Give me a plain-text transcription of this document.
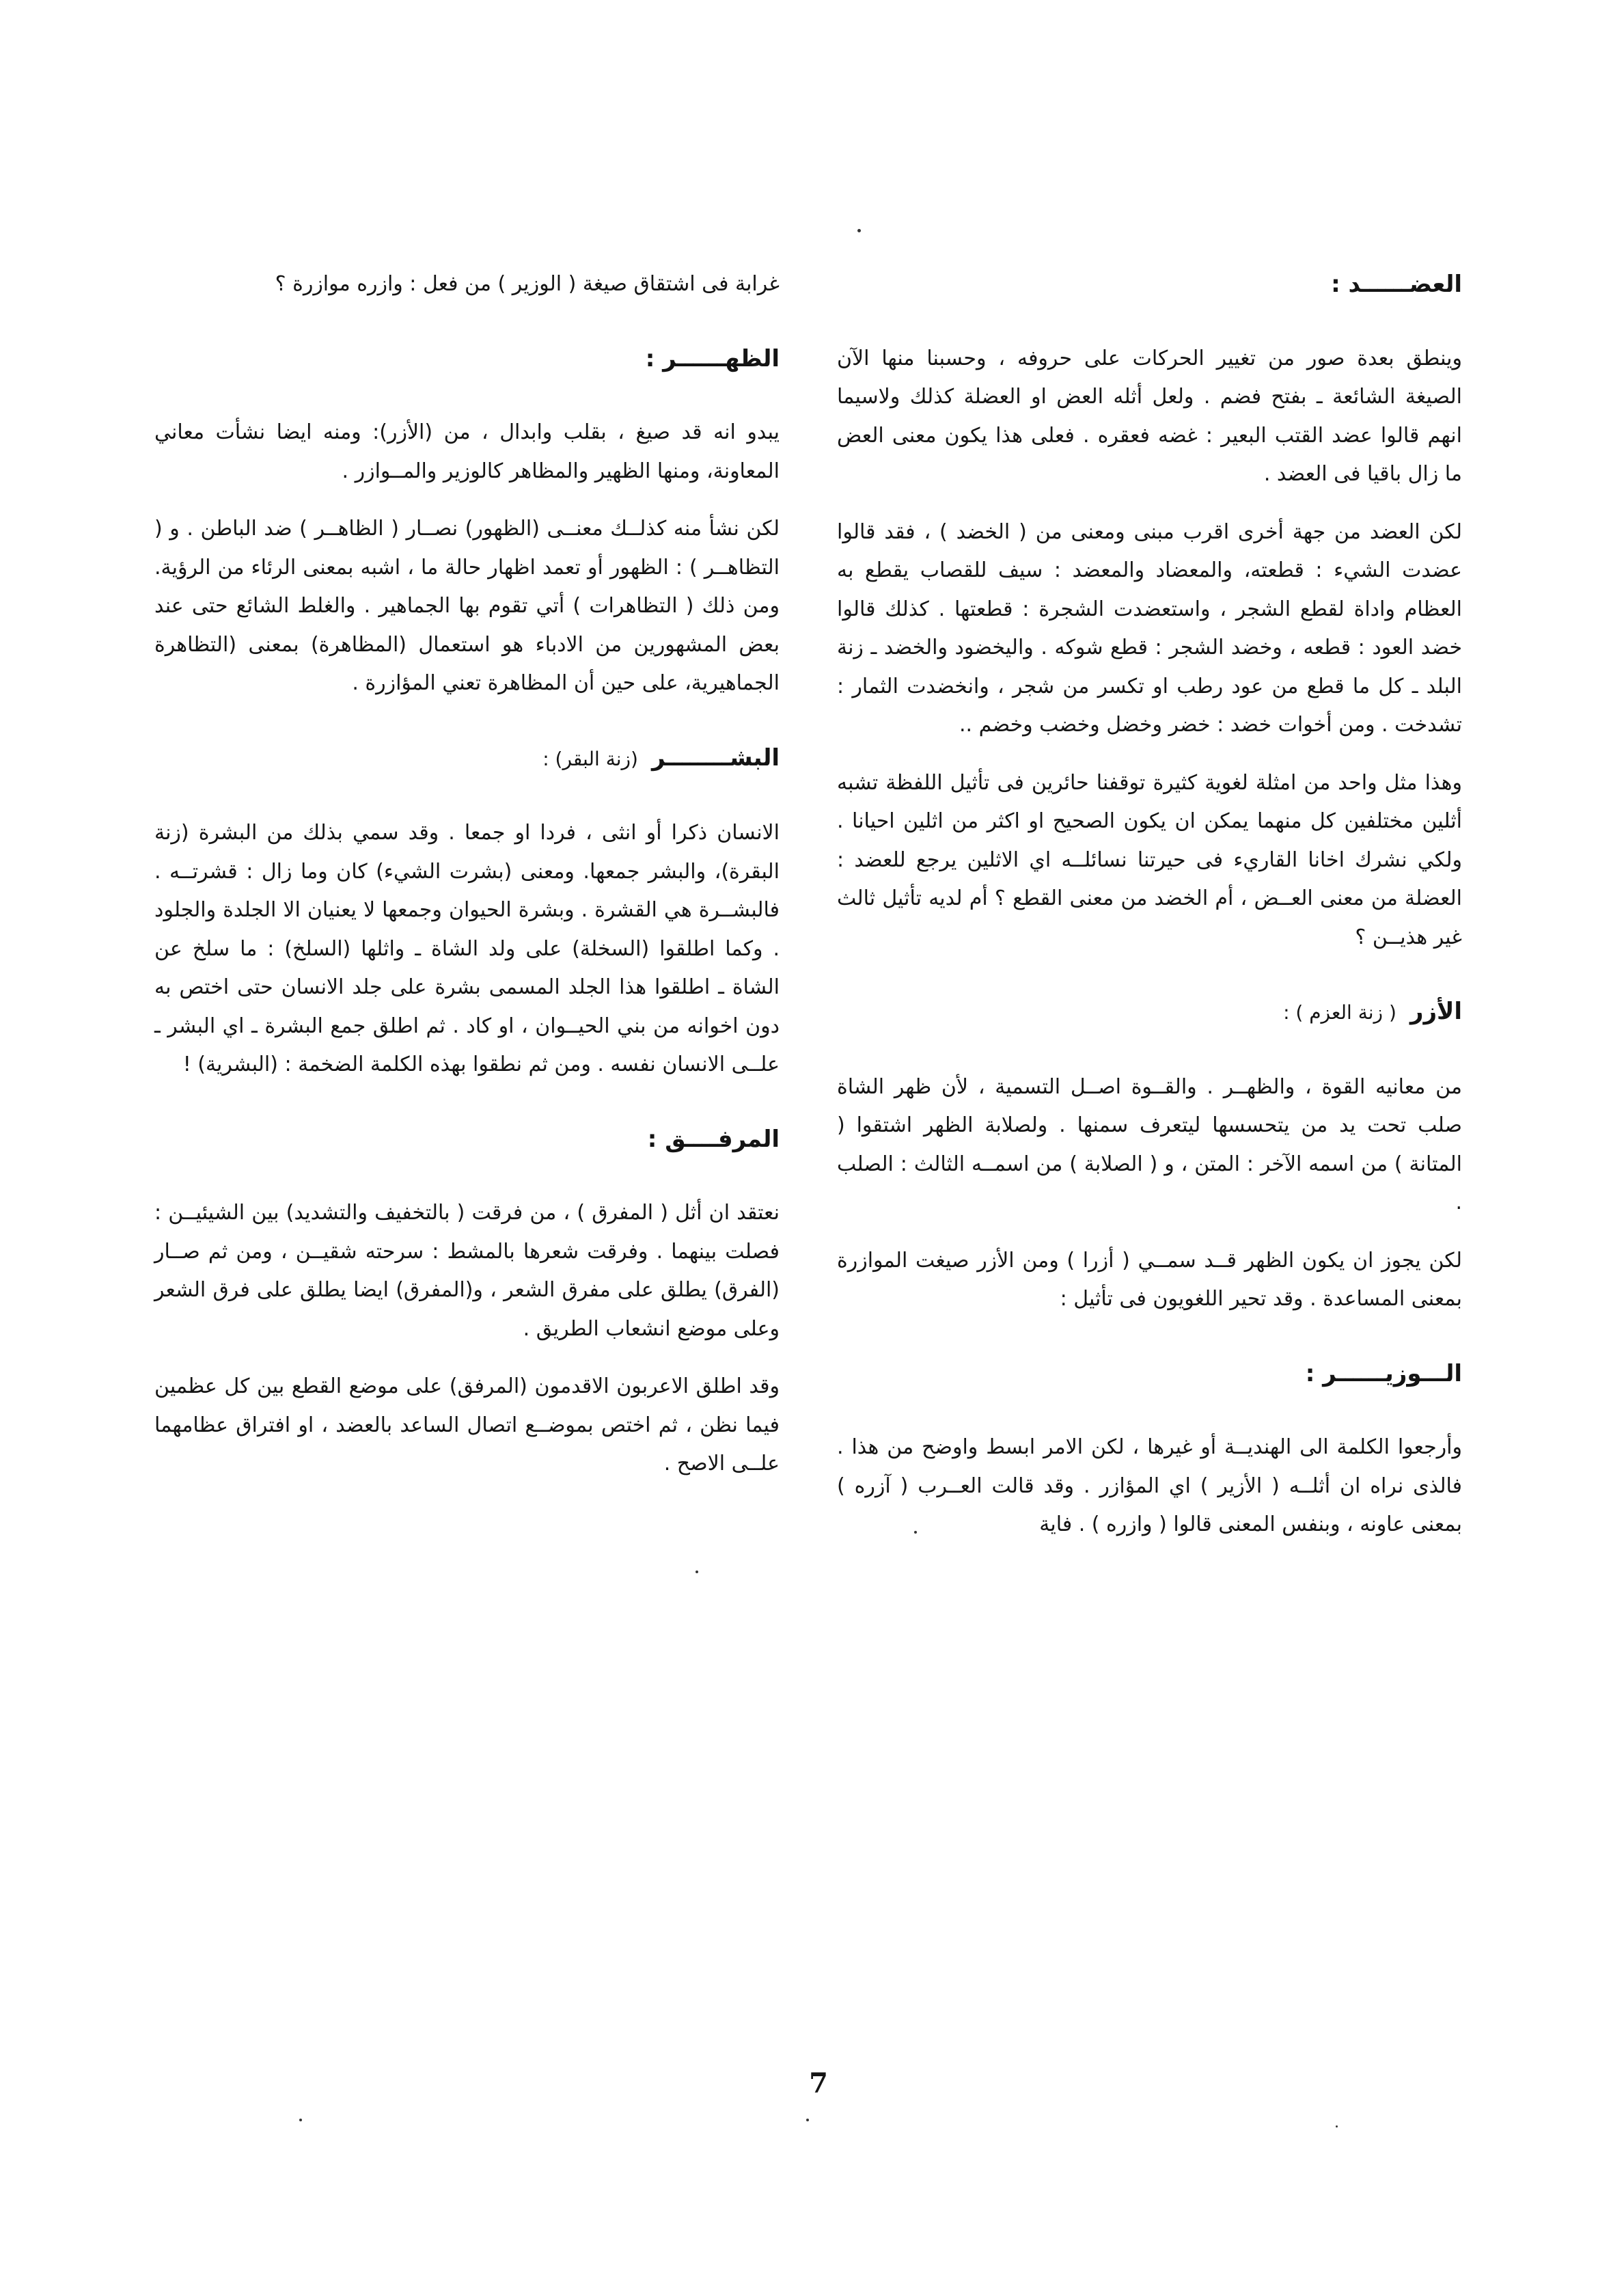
العضــــــد :

وينطق بعدة صور من تغيير الحركات على حروفه ، وحسبنا منها الآن الصيغة الشائعة ـ بفتح فضم . ولعل أثله العض او العضلة كذلك ولاسيما انهم قالوا عضد القتب البعير : غضه فعقره . فعلى هذا يكون معنى العض ما زال باقيا فى العضد .

لكن العضد من جهة أخرى اقرب مبنى ومعنى من ( الخضد ) ، فقد قالوا عضدت الشيء : قطعته، والمعضاد والمعضد : سيف للقصاب يقطع به العظام واداة لقطع الشجر ، واستعضدت الشجرة : قطعتها . كذلك قالوا خضد العود : قطعه ، وخضد الشجر : قطع شوكه . واليخضود والخضد ـ زنة البلد ـ كل ما قطع من عود رطب او تكسر من شجر ، وانخضدت الثمار : تشدخت . ومن أخوات خضد : خضر وخضل وخضب وخضم ..

وهذا مثل واحد من امثلة لغوية كثيرة توقفنا حائرين فى تأثيل اللفظة تشبه أثلين مختلفين كل منهما يمكن ان يكون الصحيح او اكثر من اثلين احيانا . ولكي نشرك اخانا القاريء فى حيرتنا نسائلــه اي الاثلين يرجع للعضد : العضلة من معنى العــض ، أم الخضد من معنى القطع ؟ أم لديه تأثيل ثالث غير هذيــن ؟

الأزر( زنة العزم ) :

من معانيه القوة ، والظهــر . والقــوة اصــل التسمية ، لأن ظهر الشاة صلب تحت يد من يتحسسها ليتعرف سمنها . ولصلابة الظهر اشتقوا ( المتانة ) من اسمه الآخر : المتن ، و ( الصلابة ) من اسمــه الثالث : الصلب .

لكن يجوز ان يكون الظهر قــد سمــي ( أزرا ) ومن الأزر صيغت الموازرة بمعنى المساعدة . وقد تحير اللغويون فى تأثيل :

الـــوزيــــــر :

وأرجعوا الكلمة الى الهنديــة أو غيرها ، لكن الامر ابسط واوضح من هذا . فالذى نراه ان أثلــه ( الأزير ) اي المؤازر . وقد قالت العــرب ( آزره ) بمعنى عاونه ، وبنفس المعنى قالوا ( وازره ) . فاية

غرابة فى اشتقاق صيغة ( الوزير ) من فعل : وازره موازرة ؟

الظهــــــر :

يبدو انه قد صيغ ، بقلب وابدال ، من (الأزر): ومنه ايضا نشأت معاني المعاونة، ومنها الظهير والمظاهر كالوزير والمــوازر .

لكن نشأ منه كذلــك معنــى (الظهور) نصــار ( الظاهــر ) ضد الباطن . و ( التظاهــر ) : الظهور أو تعمد اظهار حالة ما ، اشبه بمعنى الرئاء من الرؤية. ومن ذلك ( التظاهرات ) أتي تقوم بها الجماهير . والغلط الشائع حتى عند بعض المشهورين من الادباء هو استعمال (المظاهرة) بمعنى (التظاهرة الجماهيرية، على حين أن المظاهرة تعني المؤازرة .

البشــــــــر(زنة البقر) :

الانسان ذكرا أو انثى ، فردا او جمعا . وقد سمي بذلك من البشرة (زنة البقرة)، والبشر جمعها. ومعنى (بشرت الشيء) كان وما زال : قشرتــه . فالبشــرة هي القشرة . وبشرة الحيوان وجمعها لا يعنيان الا الجلدة والجلود . وكما اطلقوا (السخلة) على ولد الشاة ـ واثلها (السلخ) : ما سلخ عن الشاة ـ اطلقوا هذا الجلد المسمى بشرة على جلد الانسان حتى اختص به دون اخوانه من بني الحيــوان ، او كاد . ثم اطلق جمع البشرة ـ اي البشر ـ علــى الانسان نفسه . ومن ثم نطقوا بهذه الكلمة الضخمة : (البشرية) !

المرفــــق :

نعتقد ان أثل ( المفرق ) ، من فرقت ( بالتخفيف والتشديد) بين الشيئيــن : فصلت بينهما . وفرقت شعرها بالمشط : سرحته شقيــن ، ومن ثم صــار (الفرق) يطلق على مفرق الشعر ، و(المفرق) ايضا يطلق على فرق الشعر وعلى موضع انشعاب الطريق .

وقد اطلق الاعربون الاقدمون (المرفق) على موضع القطع بين كل عظمين فيما نظن ، ثم اختص بموضــع اتصال الساعد بالعضد ، او افتراق عظامهما علــى الاصح .

7
